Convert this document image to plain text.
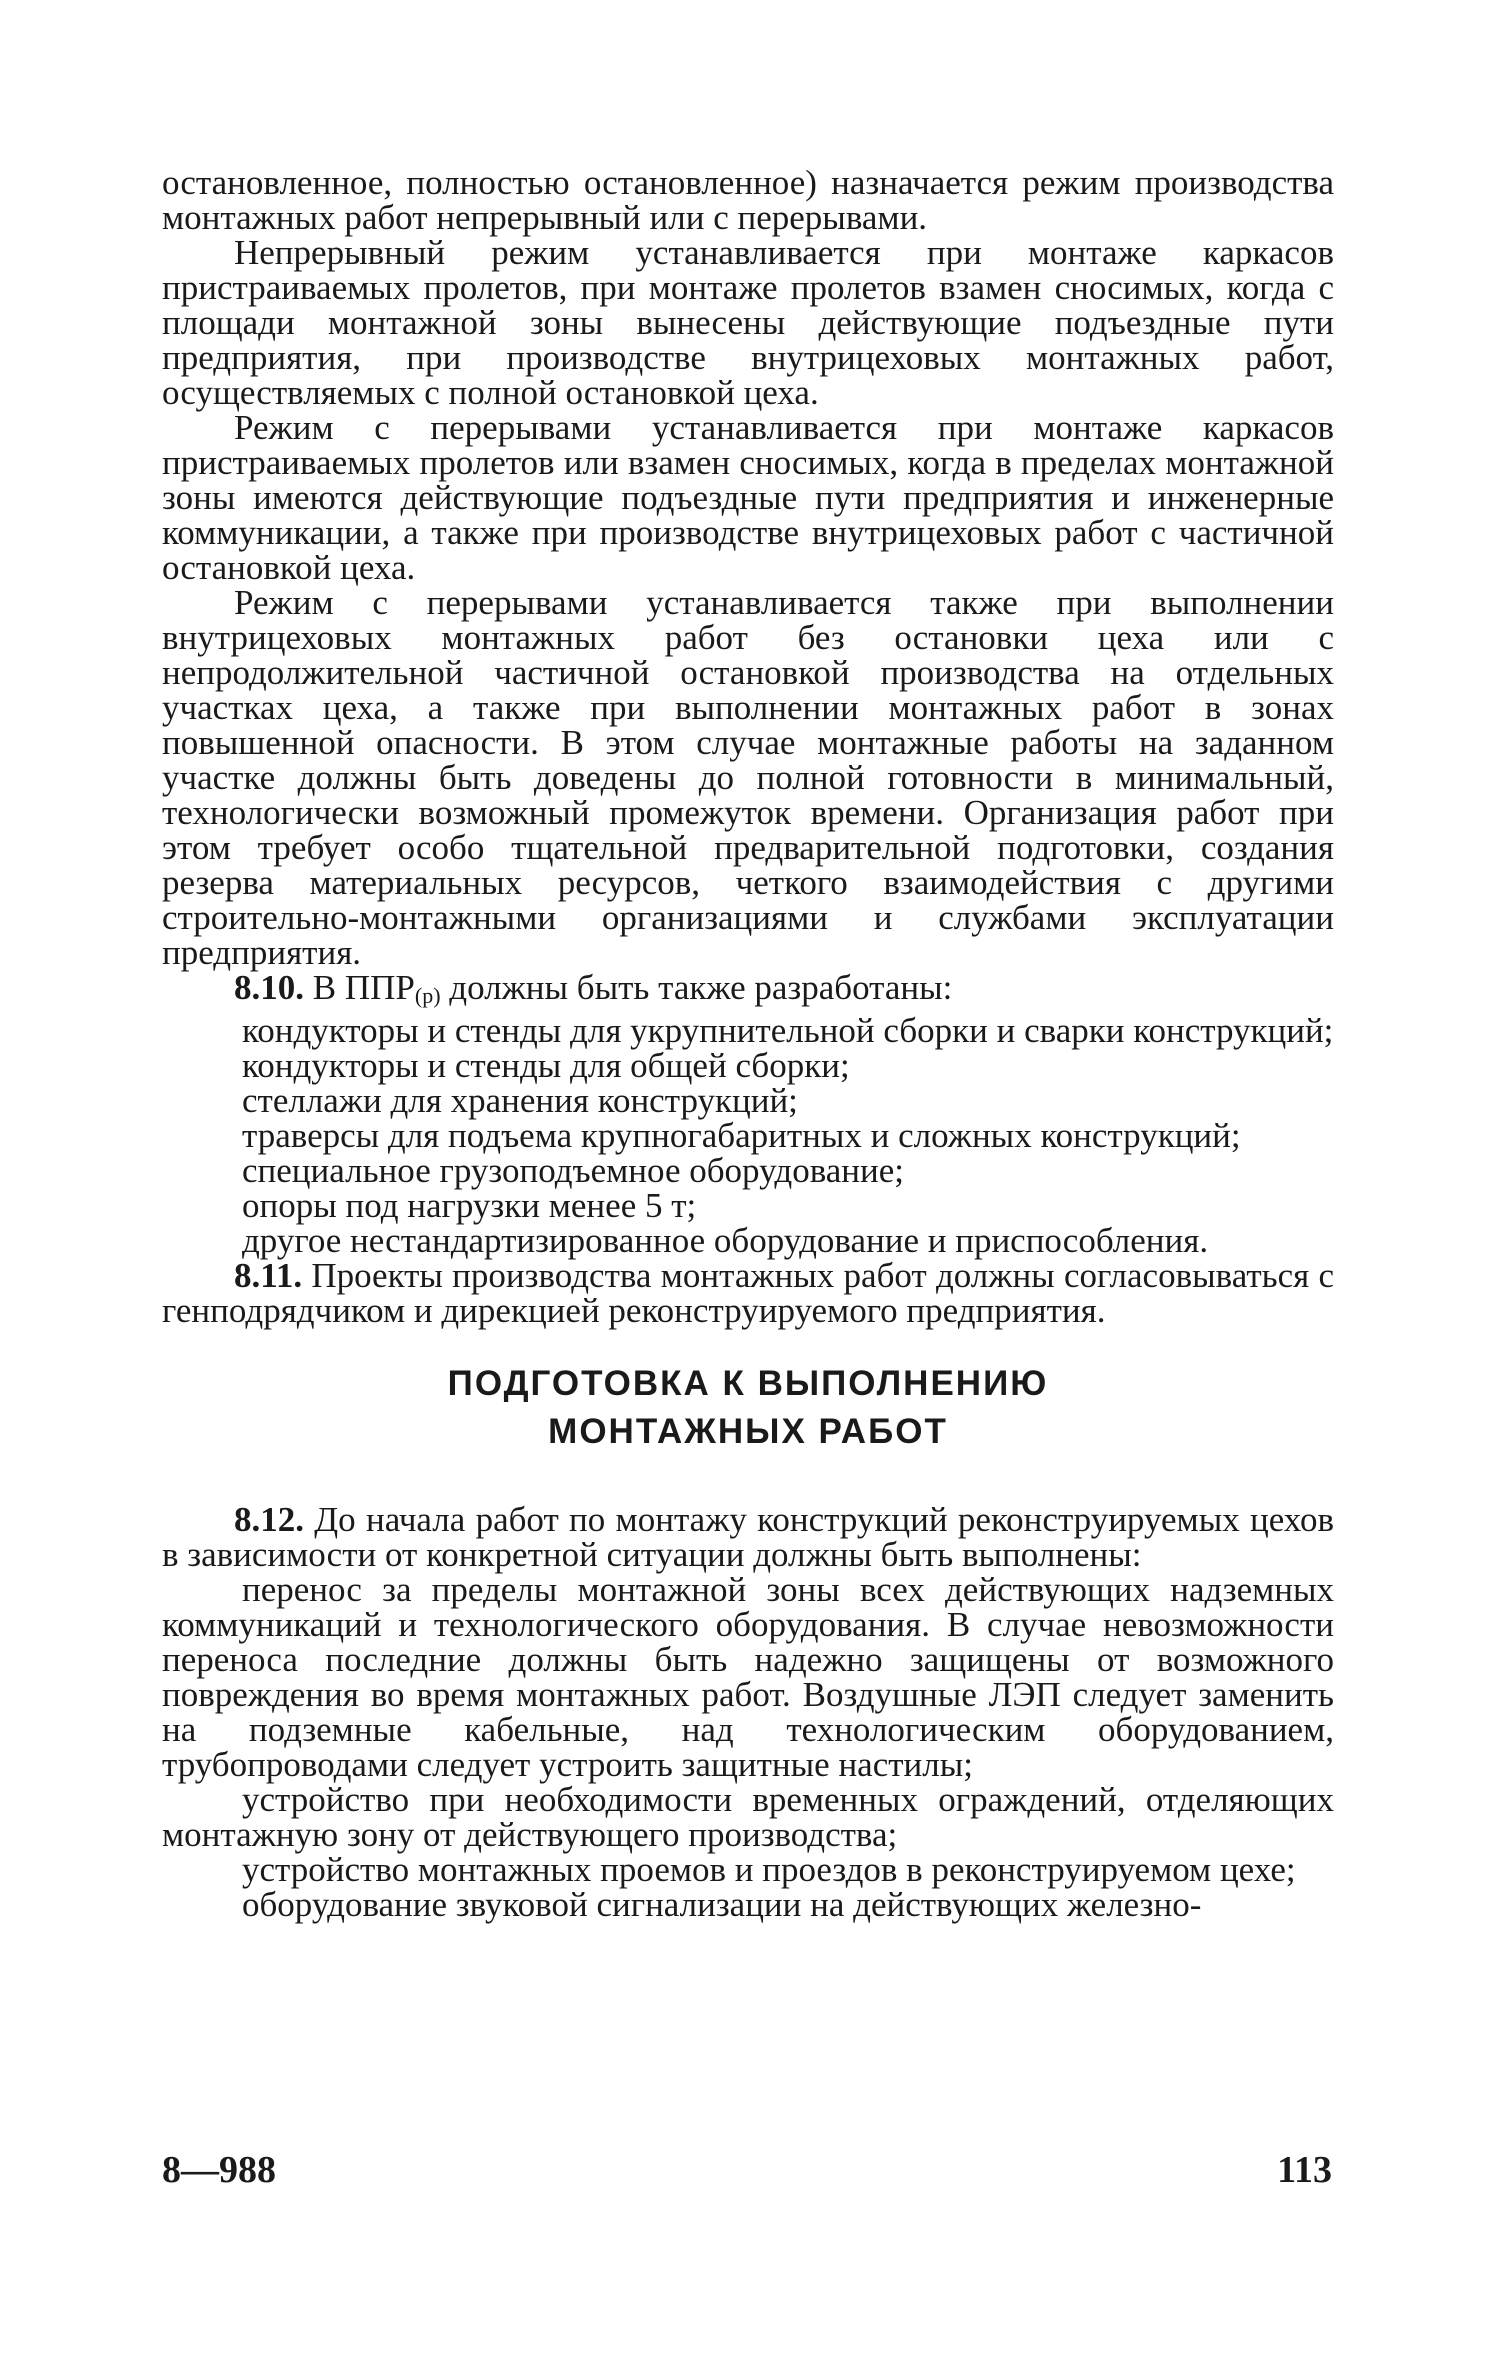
остановленное, полностью остановленное) назначается режим производства монтажных работ непрерывный или с перерывами.

Непрерывный режим устанавливается при монтаже каркасов пристраиваемых пролетов, при монтаже пролетов взамен сносимых, когда с площади монтажной зоны вынесены действующие подъездные пути предприятия, при производстве внутрицеховых монтажных работ, осуществляемых с полной остановкой цеха.

Режим с перерывами устанавливается при монтаже каркасов пристраиваемых пролетов или взамен сносимых, когда в пределах монтажной зоны имеются действующие подъездные пути предприятия и инженерные коммуникации, а также при производстве внутрицеховых работ с частичной остановкой цеха.

Режим с перерывами устанавливается также при выполнении внутрицеховых монтажных работ без остановки цеха или с непродолжительной частичной остановкой производства на отдельных участках цеха, а также при выполнении монтажных работ в зонах повышенной опасности. В этом случае монтажные работы на заданном участке должны быть доведены до полной готовности в минимальный, технологически возможный промежуток времени. Организация работ при этом требует особо тщательной предварительной подготовки, создания резерва материальных ресурсов, четкого взаимодействия с другими строительно-монтажными организациями и службами эксплуатации предприятия.

8.10. В ППР(р) должны быть также разработаны:

кондукторы и стенды для укрупнительной сборки и сварки конструкций;

кондукторы и стенды для общей сборки;

стеллажи для хранения конструкций;

траверсы для подъема крупногабаритных и сложных конструкций;

специальное грузоподъемное оборудование;

опоры под нагрузки менее 5 т;

другое нестандартизированное оборудование и приспособления.

8.11. Проекты производства монтажных работ должны согласовываться с генподрядчиком и дирекцией реконструируемого предприятия.

ПОДГОТОВКА К ВЫПОЛНЕНИЮ
МОНТАЖНЫХ РАБОТ

8.12. До начала работ по монтажу конструкций реконструируемых цехов в зависимости от конкретной ситуации должны быть выполнены:

перенос за пределы монтажной зоны всех действующих надземных коммуникаций и технологического оборудования. В случае невозможности переноса последние должны быть надежно защищены от возможного повреждения во время монтажных работ. Воздушные ЛЭП следует заменить на подземные кабельные, над технологическим оборудованием, трубопроводами следует устроить защитные настилы;

устройство при необходимости временных ограждений, отделяющих монтажную зону от действующего производства;

устройство монтажных проемов и проездов в реконструируемом цехе;

оборудование звуковой сигнализации на действующих железно-

8—988	113
